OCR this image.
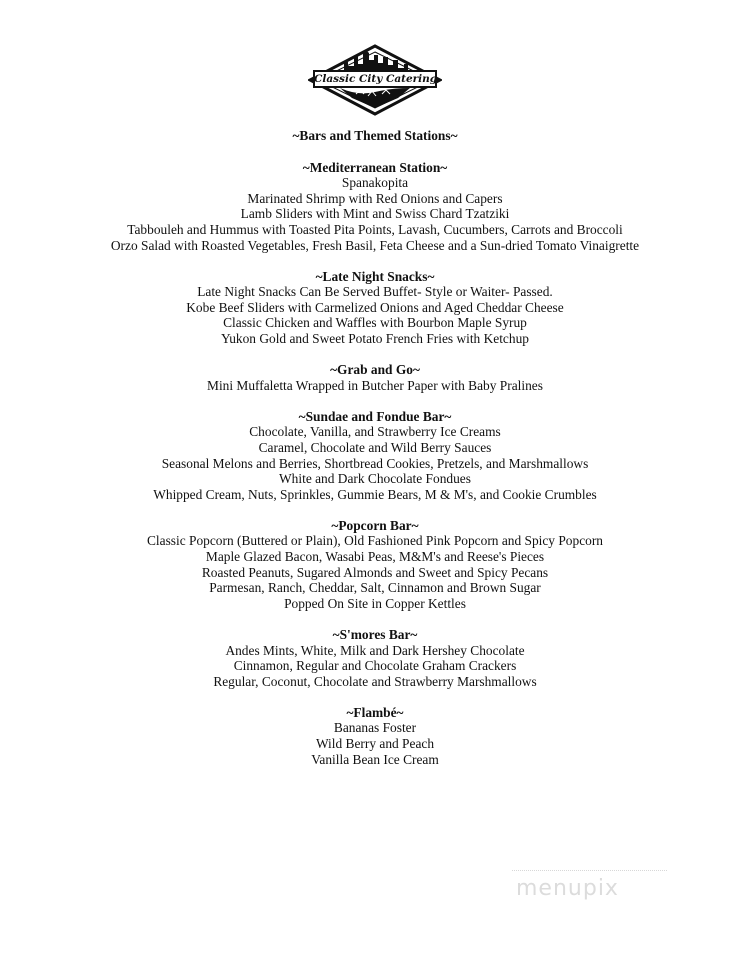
Classic City Catering
~Bars and Themed Stations~
~Mediterranean Station~
Spanakopita
Marinated Shrimp with Red Onions and Capers
Lamb Sliders with Mint and Swiss Chard Tzatziki
Tabbouleh and Hummus with Toasted Pita Points, Lavash, Cucumbers, Carrots and Broccoli
Orzo Salad with Roasted Vegetables, Fresh Basil, Feta Cheese and a Sun-dried Tomato Vinaigrette
~Late Night Snacks~
Late Night Snacks Can Be Served Buffet- Style or Waiter- Passed.
Kobe Beef Sliders with Carmelized Onions and Aged Cheddar Cheese
Classic Chicken and Waffles with Bourbon Maple Syrup
Yukon Gold and Sweet Potato French Fries with Ketchup
~Grab and Go~
Mini Muffaletta Wrapped in Butcher Paper with Baby Pralines
~Sundae and Fondue Bar~
Chocolate, Vanilla, and Strawberry Ice Creams
Caramel, Chocolate and Wild Berry Sauces
Seasonal Melons and Berries, Shortbread Cookies, Pretzels, and Marshmallows
White and Dark Chocolate Fondues
Whipped Cream, Nuts, Sprinkles, Gummie Bears, M & M's, and Cookie Crumbles
~Popcorn Bar~
Classic Popcorn (Buttered or Plain), Old Fashioned Pink Popcorn and Spicy Popcorn
Maple Glazed Bacon, Wasabi Peas, M&M's and Reese's Pieces
Roasted Peanuts, Sugared Almonds and Sweet and Spicy Pecans
Parmesan, Ranch, Cheddar, Salt, Cinnamon and Brown Sugar
Popped On Site in Copper Kettles
~S'mores Bar~
Andes Mints, White, Milk and Dark Hershey Chocolate
Cinnamon, Regular and Chocolate Graham Crackers
Regular, Coconut, Chocolate and Strawberry Marshmallows
~Flambé~
Bananas Foster
Wild Berry and Peach
Vanilla Bean Ice Cream
menupix
